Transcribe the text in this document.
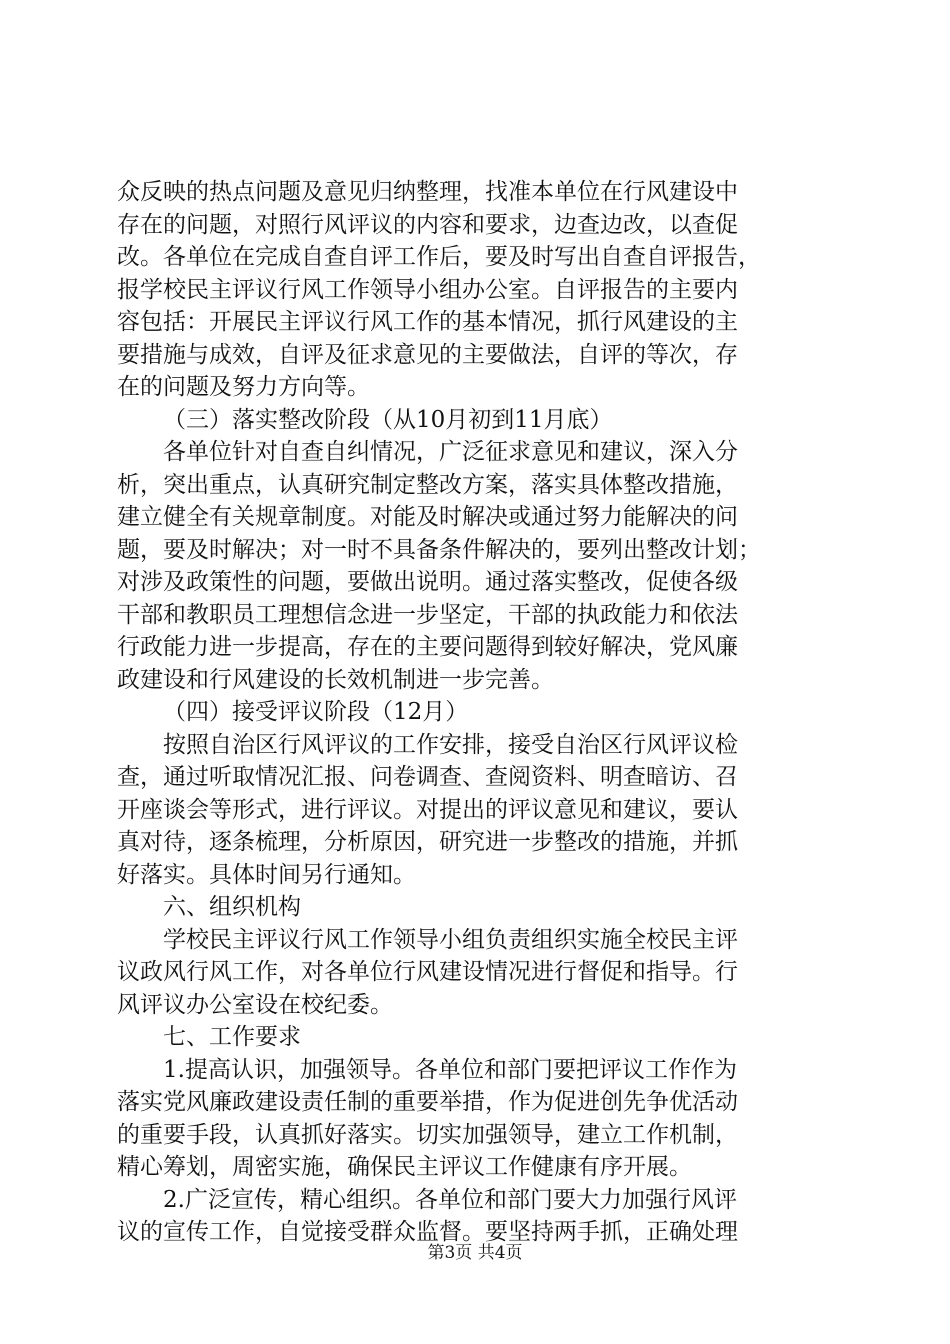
众反映的热点问题及意见归纳整理，找准本单位在行风建设中
存在的问题，对照行风评议的内容和要求，边查边改，以查促
改。各单位在完成自查自评工作后，要及时写出自查自评报告，
报学校民主评议行风工作领导小组办公室。自评报告的主要内
容包括：开展民主评议行风工作的基本情况，抓行风建设的主
要措施与成效，自评及征求意见的主要做法，自评的等次，存
在的问题及努力方向等。
（三）落实整改阶段（从10月初到11月底）
各单位针对自查自纠情况，广泛征求意见和建议，深入分
析，突出重点，认真研究制定整改方案，落实具体整改措施，
建立健全有关规章制度。对能及时解决或通过努力能解决的问
题，要及时解决；对一时不具备条件解决的，要列出整改计划；
对涉及政策性的问题，要做出说明。通过落实整改，促使各级
干部和教职员工理想信念进一步坚定，干部的执政能力和依法
行政能力进一步提高，存在的主要问题得到较好解决，党风廉
政建设和行风建设的长效机制进一步完善。
（四）接受评议阶段（12月）
按照自治区行风评议的工作安排，接受自治区行风评议检
查，通过听取情况汇报、问卷调查、查阅资料、明查暗访、召
开座谈会等形式，进行评议。对提出的评议意见和建议，要认
真对待，逐条梳理，分析原因，研究进一步整改的措施，并抓
好落实。具体时间另行通知。
六、组织机构
学校民主评议行风工作领导小组负责组织实施全校民主评
议政风行风工作，对各单位行风建设情况进行督促和指导。行
风评议办公室设在校纪委。
七、工作要求
1.提高认识，加强领导。各单位和部门要把评议工作作为
落实党风廉政建设责任制的重要举措，作为促进创先争优活动
的重要手段，认真抓好落实。切实加强领导，建立工作机制，
精心筹划，周密实施，确保民主评议工作健康有序开展。
2.广泛宣传，精心组织。各单位和部门要大力加强行风评
议的宣传工作，自觉接受群众监督。要坚持两手抓，正确处理
第3页 共4页
